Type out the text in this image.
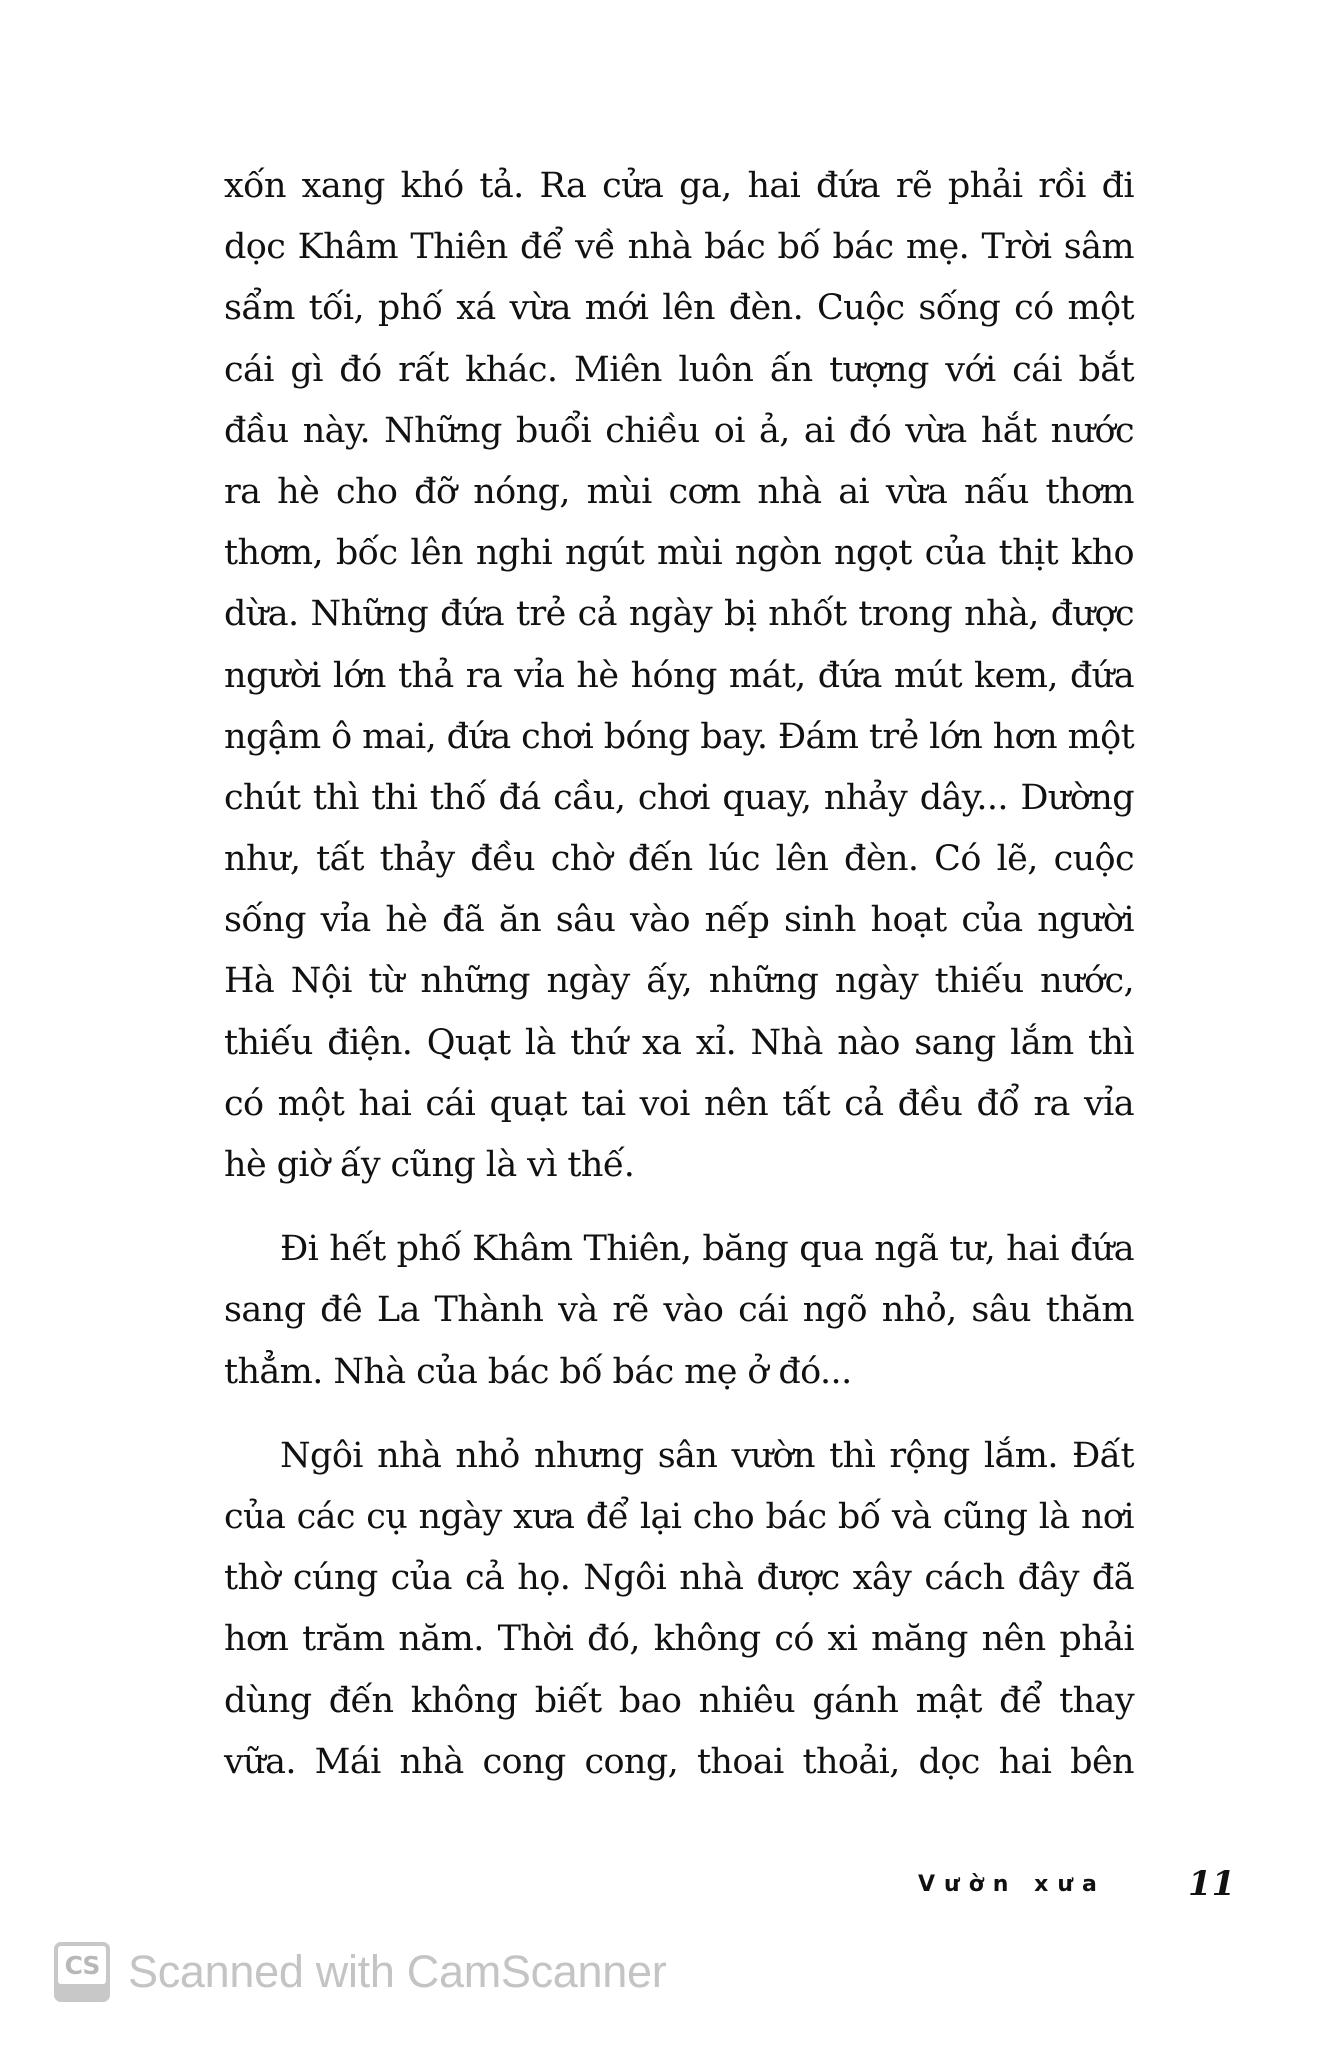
xốn xang khó tả. Ra cửa ga, hai đứa rẽ phải rồi đi
dọc Khâm Thiên để về nhà bác bố bác mẹ. Trời sâm
sẩm tối, phố xá vừa mới lên đèn. Cuộc sống có một
cái gì đó rất khác. Miên luôn ấn tượng với cái bắt
đầu này. Những buổi chiều oi ả, ai đó vừa hắt nước
ra hè cho đỡ nóng, mùi cơm nhà ai vừa nấu thơm
thơm, bốc lên nghi ngút mùi ngòn ngọt của thịt kho
dừa. Những đứa trẻ cả ngày bị nhốt trong nhà, được
người lớn thả ra vỉa hè hóng mát, đứa mút kem, đứa
ngậm ô mai, đứa chơi bóng bay. Đám trẻ lớn hơn một
chút thì thi thố đá cầu, chơi quay, nhảy dây... Dường
như, tất thảy đều chờ đến lúc lên đèn. Có lẽ, cuộc
sống vỉa hè đã ăn sâu vào nếp sinh hoạt của người
Hà Nội từ những ngày ấy, những ngày thiếu nước,
thiếu điện. Quạt là thứ xa xỉ. Nhà nào sang lắm thì
có một hai cái quạt tai voi nên tất cả đều đổ ra vỉa
hè giờ ấy cũng là vì thế.
Đi hết phố Khâm Thiên, băng qua ngã tư, hai đứa
sang đê La Thành và rẽ vào cái ngõ nhỏ, sâu thăm
thẳm. Nhà của bác bố bác mẹ ở đó...
Ngôi nhà nhỏ nhưng sân vườn thì rộng lắm. Đất
của các cụ ngày xưa để lại cho bác bố và cũng là nơi
thờ cúng của cả họ. Ngôi nhà được xây cách đây đã
hơn trăm năm. Thời đó, không có xi măng nên phải
dùng đến không biết bao nhiêu gánh mật để thay
vữa. Mái nhà cong cong, thoai thoải, dọc hai bên
Vườn xưa 11
CS Scanned with CamScanner
